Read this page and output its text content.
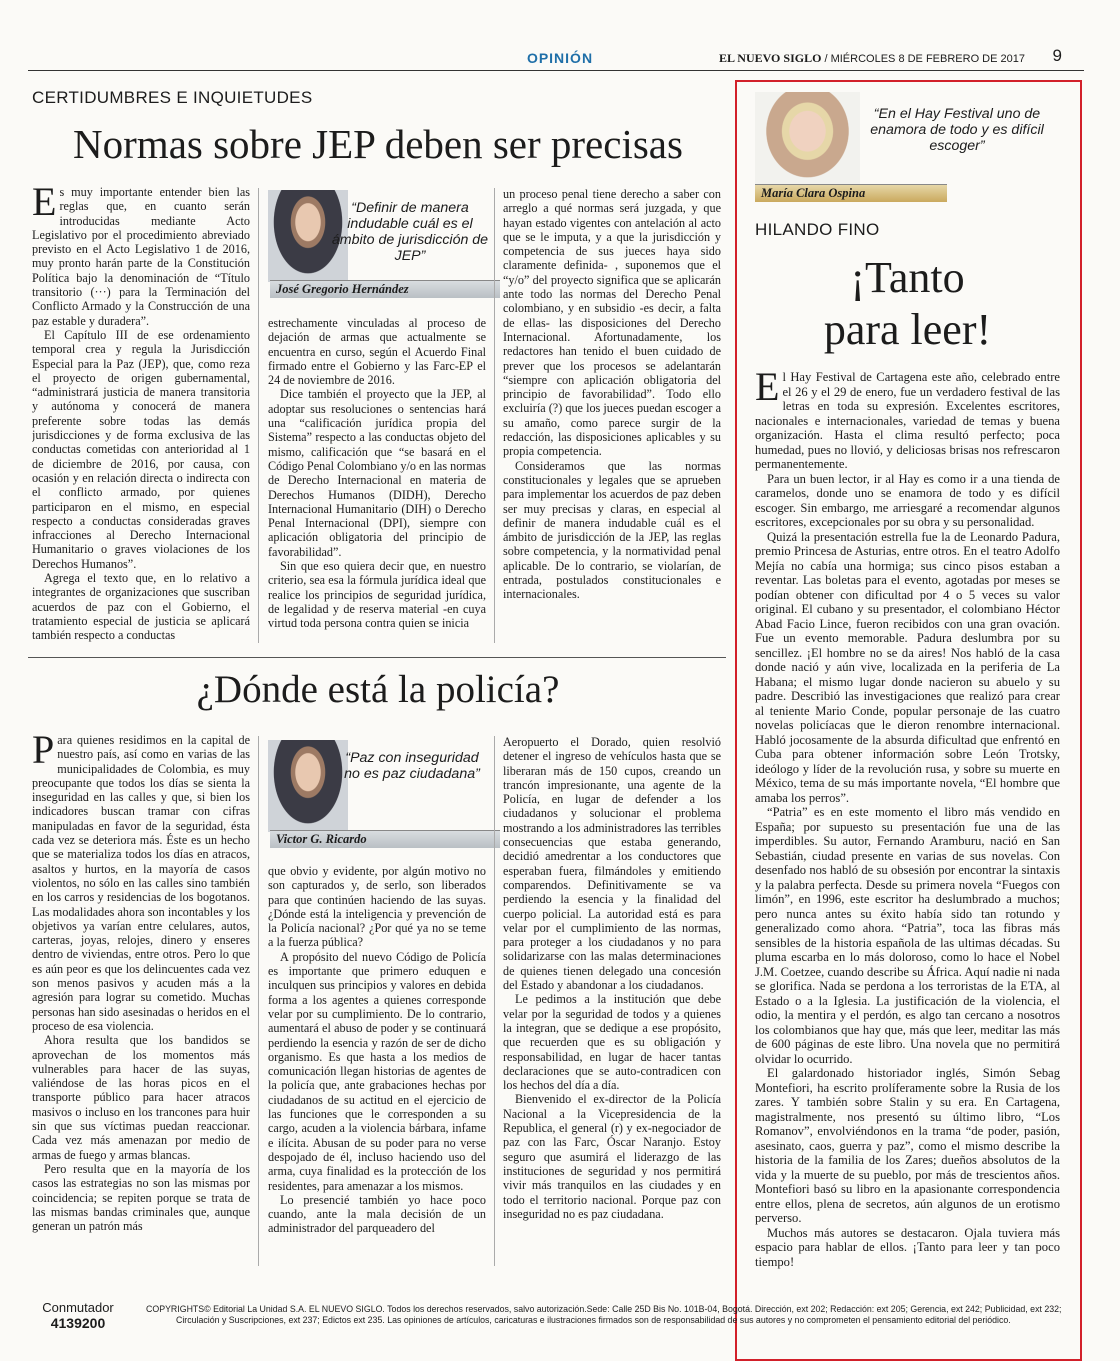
OPINIÓN	EL NUEVO SIGLO / MIÉRCOLES 8 DE FEBRERO DE 2017 9
CERTIDUMBRES E INQUIETUDES
Normas sobre JEP deben ser precisas

Es muy importante entender bien las reglas que, en cuanto serán introducidas mediante Acto Legislativo por el procedimiento abreviado previsto en el Acto Legislativo 1 de 2016, muy pronto harán parte de la Constitución Política bajo la denominación de “Título transitorio (···) para la Terminación del Conflicto Armado y la Construcción de una paz estable y duradera”.

El Capítulo III de ese ordenamiento temporal crea y regula la Jurisdicción Especial para la Paz (JEP), que, como reza el proyecto de origen gubernamental, “administrará justicia de manera transitoria y autónoma y conocerá de manera preferente sobre todas las demás jurisdicciones y de forma exclusiva de las conductas cometidas con anterioridad al 1 de diciembre de 2016, por causa, con ocasión y en relación directa o indirecta con el conflicto armado, por quienes participaron en el mismo, en especial respecto a conductas consideradas graves infracciones al Derecho Internacional Humanitario o graves violaciones de los Derechos Humanos”.

Agrega el texto que, en lo relativo a integrantes de organizaciones que suscriban acuerdos de paz con el Gobierno, el tratamiento especial de justicia se aplicará también respecto a conductas

“Definir de manera indudable cuál es el ámbito de jurisdicción de JEP”
José Gregorio Hernández

estrechamente vinculadas al proceso de dejación de armas que actualmente se encuentra en curso, según el Acuerdo Final firmado entre el Gobierno y las Farc-EP el 24 de noviembre de 2016.

Dice también el proyecto que la JEP, al adoptar sus resoluciones o sentencias hará una “calificación jurídica propia del Sistema” respecto a las conductas objeto del mismo, calificación que “se basará en el Código Penal Colombiano y/o en las normas de Derecho Internacional en materia de Derechos Humanos (DIDH), Derecho Internacional Humanitario (DIH) o Derecho Penal Internacional (DPI), siempre con aplicación obligatoria del principio de favorabilidad”.

Sin que eso quiera decir que, en nuestro criterio, sea esa la fórmula jurídica ideal que realice los principios de seguridad jurídica, de legalidad y de reserva material -en cuya virtud toda persona contra quien se inicia

un proceso penal tiene derecho a saber con arreglo a qué normas será juzgada, y que hayan estado vigentes con antelación al acto que se le imputa, y a que la jurisdicción y competencia de sus jueces haya sido claramente definida- , suponemos que el “y/o” del proyecto significa que se aplicarán ante todo las normas del Derecho Penal colombiano, y en subsidio -es decir, a falta de ellas- las disposiciones del Derecho Internacional. Afortunadamente, los redactores han tenido el buen cuidado de prever que los procesos se adelantarán “siempre con aplicación obligatoria del principio de favorabilidad”. Todo ello excluiría (?) que los jueces puedan escoger a su amaño, como parece surgir de la redacción, las disposiciones aplicables y su propia competencia.

Consideramos que las normas constitucionales y legales que se aprueben para implementar los acuerdos de paz deben ser muy precisas y claras, en especial al definir de manera indudable cuál es el ámbito de jurisdicción de la JEP, las reglas sobre competencia, y la normatividad penal aplicable. De lo contrario, se violarían, de entrada, postulados constitucionales e internacionales.

¿Dónde está la policía?

Para quienes residimos en la capital de nuestro país, así como en varias de las municipalidades de Colombia, es muy preocupante que todos los días se sienta la inseguridad en las calles y que, si bien los indicadores buscan tramar con cifras manipuladas en favor de la seguridad, ésta cada vez se deteriora más. Éste es un hecho que se materializa todos los días en atracos, asaltos y hurtos, en la mayoría de casos violentos, no sólo en las calles sino también en los carros y residencias de los bogotanos. Las modalidades ahora son incontables y los objetivos ya varían entre celulares, autos, carteras, joyas, relojes, dinero y enseres dentro de viviendas, entre otros. Pero lo que es aún peor es que los delincuentes cada vez son menos pasivos y acuden más a la agresión para lograr su cometido. Muchas personas han sido asesinadas o heridos en el proceso de esa violencia.

Ahora resulta que los bandidos se aprovechan de los momentos más vulnerables para hacer de las suyas, valiéndose de las horas picos en el transporte público para hacer atracos masivos o incluso en los trancones para huir sin que sus víctimas puedan reaccionar. Cada vez más amenazan por medio de armas de fuego y armas blancas.

Pero resulta que en la mayoría de los casos las estrategias no son las mismas por coincidencia; se repiten porque se trata de las mismas bandas criminales que, aunque generan un patrón más

“Paz con inseguridad no es paz ciudadana”
Victor G. Ricardo

que obvio y evidente, por algún motivo no son capturados y, de serlo, son liberados para que continúen haciendo de las suyas. ¿Dónde está la inteligencia y prevención de la Policía nacional? ¿Por qué ya no se teme a la fuerza pública?

A propósito del nuevo Código de Policía es importante que primero eduquen e inculquen sus principios y valores en debida forma a los agentes a quienes corresponde velar por su cumplimiento. De lo contrario, aumentará el abuso de poder y se continuará perdiendo la esencia y razón de ser de dicho organismo. Es que hasta a los medios de comunicación llegan historias de agentes de la policía que, ante grabaciones hechas por ciudadanos de su actitud en el ejercicio de las funciones que le corresponden a su cargo, acuden a la violencia bárbara, infame e ilícita. Abusan de su poder para no verse despojado de él, incluso haciendo uso del arma, cuya finalidad es la protección de los residentes, para amenazar a los mismos.

Lo presencié también yo hace poco cuando, ante la mala decisión de un administrador del parqueadero del

Aeropuerto el Dorado, quien resolvió detener el ingreso de vehículos hasta que se liberaran más de 150 cupos, creando un trancón impresionante, una agente de la Policía, en lugar de defender a los ciudadanos y solucionar el problema mostrando a los administradores las terribles consecuencias que estaba generando, decidió amedrentar a los conductores que esperaban fuera, filmándoles y emitiendo comparendos. Definitivamente se va perdiendo la esencia y la finalidad del cuerpo policial. La autoridad está es para velar por el cumplimiento de las normas, para proteger a los ciudadanos y no para solidarizarse con las malas determinaciones de quienes tienen delegado una concesión del Estado y abandonar a los ciudadanos.

Le pedimos a la institución que debe velar por la seguridad de todos y a quienes la integran, que se dedique a ese propósito, que recuerden que es su obligación y responsabilidad, en lugar de hacer tantas declaraciones que se auto-contradicen con los hechos del día a día.

Bienvenido el ex-director de la Policía Nacional a la Vicepresidencia de la Republica, el general (r) y ex-negociador de paz con las Farc, Óscar Naranjo. Estoy seguro que asumirá el liderazgo de las instituciones de seguridad y nos permitirá vivir más tranquilos en las ciudades y en todo el territorio nacional. Porque paz con inseguridad no es paz ciudadana.

“En el Hay Festival uno de enamora de todo y es difícil escoger”
María Clara Ospina
HILANDO FINO
¡Tanto
para leer!

El Hay Festival de Cartagena este año, celebrado entre el 26 y el 29 de enero, fue un verdadero festival de las letras en toda su expresión. Excelentes escritores, nacionales e internacionales, variedad de temas y buena organización. Hasta el clima resultó perfecto; poca humedad, pues no llovió, y deliciosas brisas nos refrescaron permanentemente.

Para un buen lector, ir al Hay es como ir a una tienda de caramelos, donde uno se enamora de todo y es difícil escoger. Sin embargo, me arriesgaré a recomendar algunos escritores, excepcionales por su obra y su personalidad.

Quizá la presentación estrella fue la de Leonardo Padura, premio Princesa de Asturias, entre otros. En el teatro Adolfo Mejía no cabía una hormiga; sus cinco pisos estaban a reventar. Las boletas para el evento, agotadas por meses se podían obtener con dificultad por 4 o 5 veces su valor original. El cubano y su presentador, el colombiano Héctor Abad Facio Lince, fueron recibidos con una gran ovación. Fue un evento memorable. Padura deslumbra por su sencillez. ¡El hombre no se da aires! Nos habló de la casa donde nació y aún vive, localizada en la periferia de La Habana; el mismo lugar donde nacieron su abuelo y su padre. Describió las investigaciones que realizó para crear al teniente Mario Conde, popular personaje de las cuatro novelas policíacas que le dieron renombre internacional. Habló jocosamente de la absurda dificultad que enfrentó en Cuba para obtener información sobre León Trotsky, ideólogo y líder de la revolución rusa, y sobre su muerte en México, tema de su más importante novela, “El hombre que amaba los perros”.

“Patria” es en este momento el libro más vendido en España; por supuesto su presentación fue una de las imperdibles. Su autor, Fernando Aramburu, nació en San Sebastián, ciudad presente en varias de sus novelas. Con desenfado nos habló de su obsesión por encontrar la sintaxis y la palabra perfecta. Desde su primera novela “Fuegos con limón”, en 1996, este escritor ha deslumbrado a muchos; pero nunca antes su éxito había sido tan rotundo y generalizado como ahora. “Patria”, toca las fibras más sensibles de la historia española de las ultimas décadas. Su pluma escarba en lo más doloroso, como lo hace el Nobel J.M. Coetzee, cuando describe su África. Aquí nadie ni nada se glorifica. Nada se perdona a los terroristas de la ETA, al Estado o a la Iglesia. La justificación de la violencia, el odio, la mentira y el perdón, es algo tan cercano a nosotros los colombianos que hay que, más que leer, meditar las más de 600 páginas de este libro. Una novela que no permitirá olvidar lo ocurrido.

El galardonado historiador inglés, Simón Sebag Montefiori, ha escrito prolíferamente sobre la Rusia de los zares. Y también sobre Stalin y su era. En Cartagena, magistralmente, nos presentó su último libro, “Los Romanov”, envolviéndonos en la trama “de poder, pasión, asesinato, caos, guerra y paz”, como el mismo describe la historia de la familia de los Zares; dueños absolutos de la vida y la muerte de su pueblo, por más de trescientos años. Montefiori basó su libro en la apasionante correspondencia entre ellos, plena de secretos, aún algunos de un erotismo perverso.

Muchos más autores se destacaron. Ojala tuviera más espacio para hablar de ellos. ¡Tanto para leer y tan poco tiempo!

Conmutador
4139200
COPYRIGHTS© Editorial La Unidad S.A. EL NUEVO SIGLO. Todos los derechos reservados, salvo autorización.Sede: Calle 25D Bis No. 101B-04, Bogotá. Dirección, ext 202; Redacción: ext 205; Gerencia, ext 242; Publicidad, ext 232;
Circulación y Suscripciones, ext 237; Edictos ext 235. Las opiniones de artículos, caricaturas e ilustraciones firmados son de responsabilidad de sus autores y no comprometen el pensamiento editorial del periódico.
